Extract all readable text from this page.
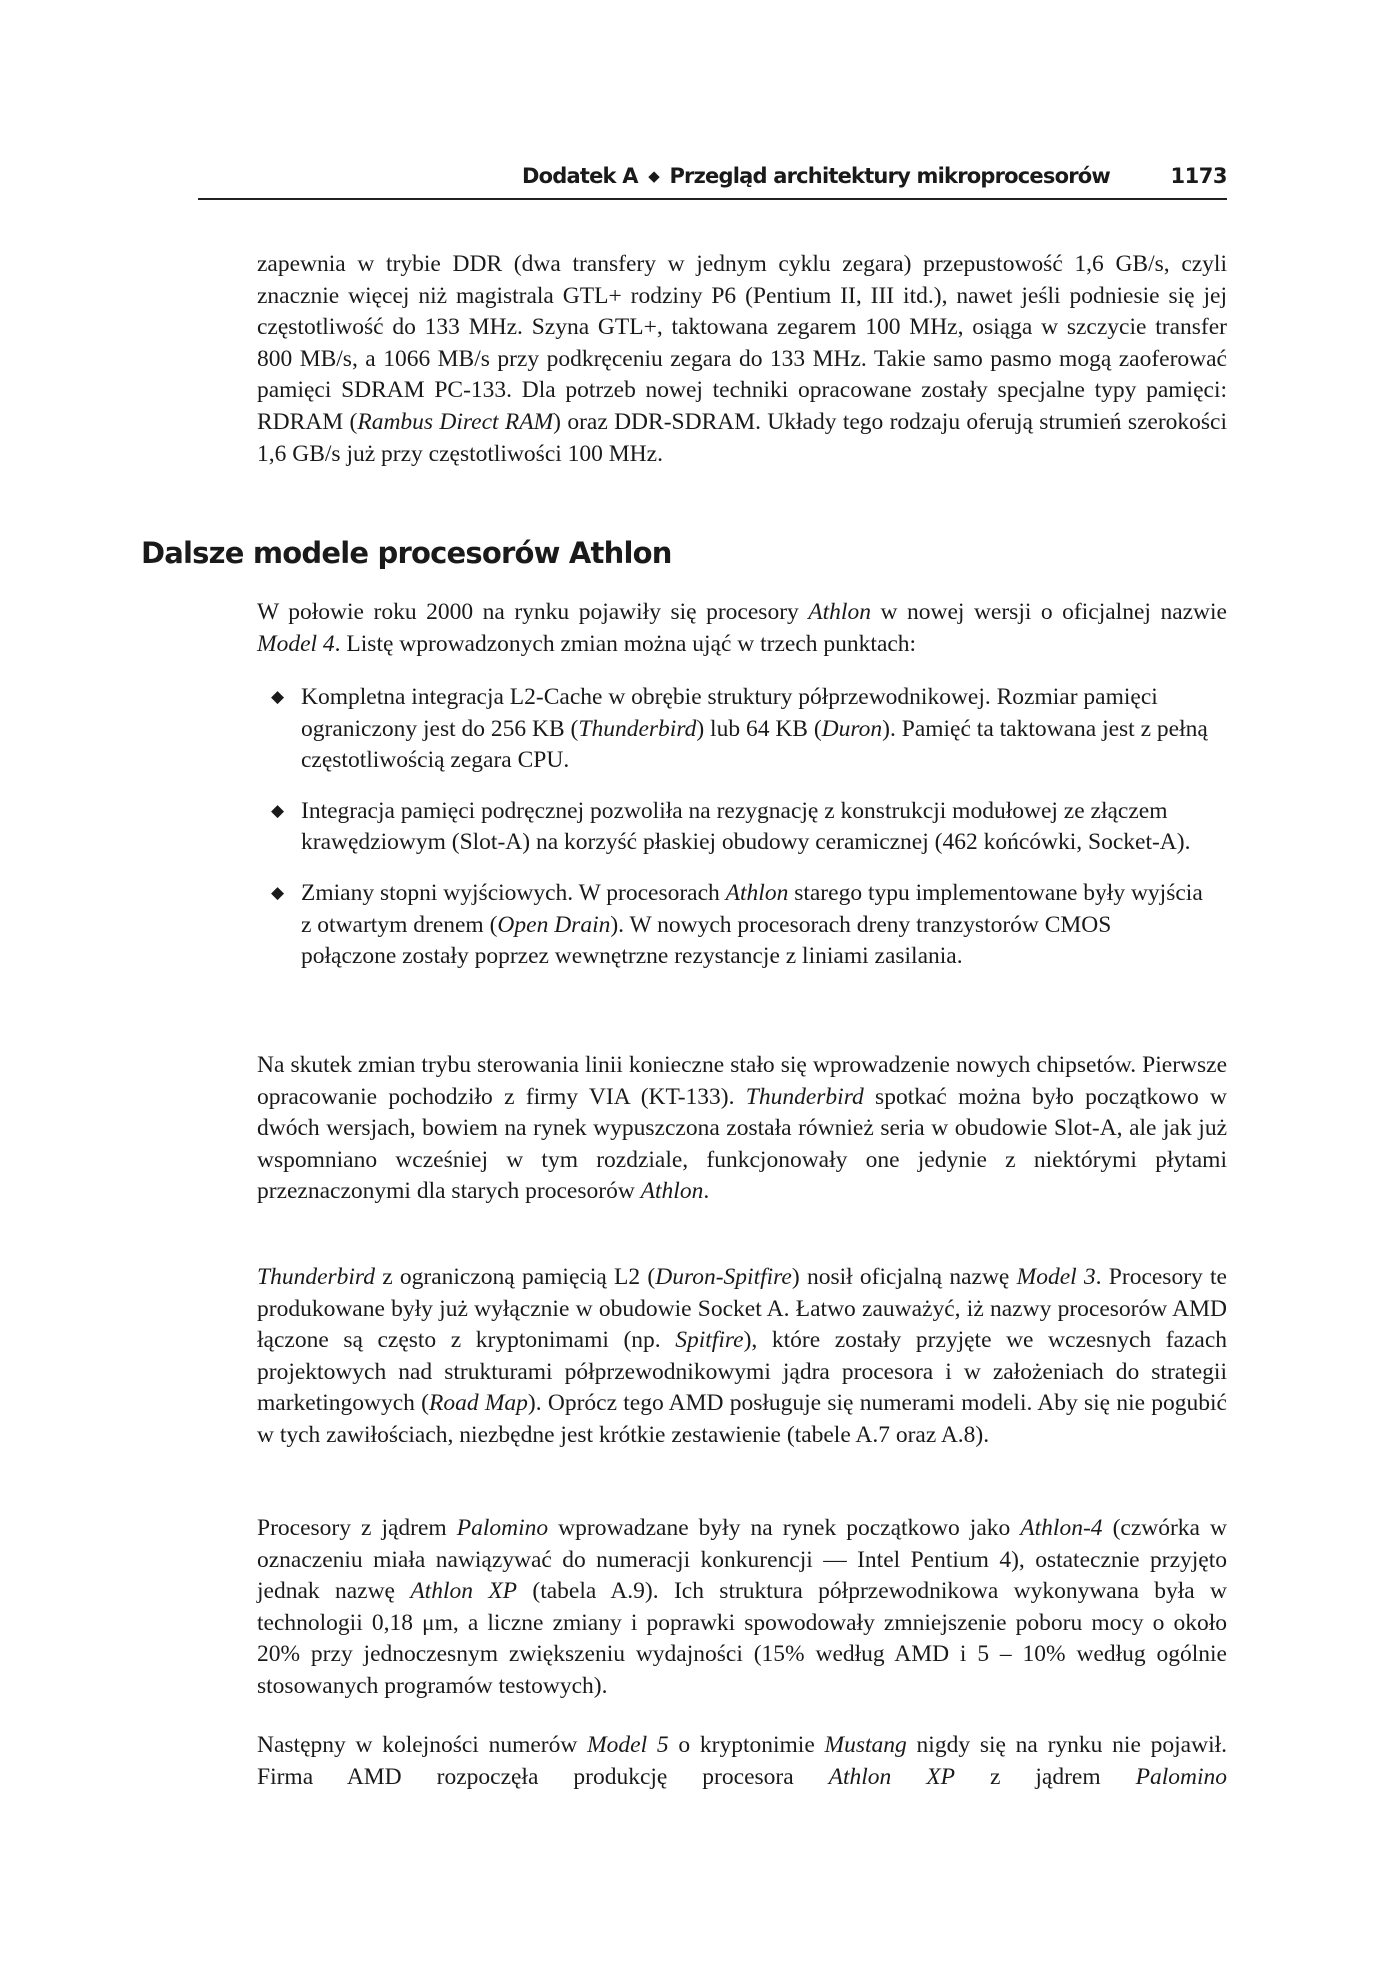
Dodatek A ◆ Przegląd architektury mikroprocesorów	1173

zapewnia w trybie DDR (dwa transfery w jednym cyklu zegara) przepustowość 1,6 GB/s, czyli znacznie więcej niż magistrala GTL+ rodziny P6 (Pentium II, III itd.), nawet jeśli podniesie się jej częstotliwość do 133 MHz. Szyna GTL+, taktowana zegarem 100 MHz, osiąga w szczycie transfer 800 MB/s, a 1066 MB/s przy podkręceniu zegara do 133 MHz. Takie samo pasmo mogą zaoferować pamięci SDRAM PC-133. Dla potrzeb nowej techniki opracowane zostały specjalne typy pamięci: RDRAM (Rambus Direct RAM) oraz DDR-SDRAM. Układy tego rodzaju oferują strumień szerokości 1,6 GB/s już przy częstotliwości 100 MHz.

Dalsze modele procesorów Athlon

W połowie roku 2000 na rynku pojawiły się procesory Athlon w nowej wersji o oficjalnej nazwie Model 4. Listę wprowadzonych zmian można ująć w trzech punktach:

◆ Kompletna integracja L2-Cache w obrębie struktury półprzewodnikowej. Rozmiar pamięci ograniczony jest do 256 KB (Thunderbird) lub 64 KB (Duron). Pamięć ta taktowana jest z pełną częstotliwością zegara CPU.

◆ Integracja pamięci podręcznej pozwoliła na rezygnację z konstrukcji modułowej ze złączem krawędziowym (Slot-A) na korzyść płaskiej obudowy ceramicznej (462 końcówki, Socket-A).

◆ Zmiany stopni wyjściowych. W procesorach Athlon starego typu implementowane były wyjścia z otwartym drenem (Open Drain). W nowych procesorach dreny tranzystorów CMOS połączone zostały poprzez wewnętrzne rezystancje z liniami zasilania.

Na skutek zmian trybu sterowania linii konieczne stało się wprowadzenie nowych chipsetów. Pierwsze opracowanie pochodziło z firmy VIA (KT-133). Thunderbird spotkać można było początkowo w dwóch wersjach, bowiem na rynek wypuszczona została również seria w obudowie Slot-A, ale jak już wspomniano wcześniej w tym rozdziale, funkcjonowały one jedynie z niektórymi płytami przeznaczonymi dla starych procesorów Athlon.

Thunderbird z ograniczoną pamięcią L2 (Duron-Spitfire) nosił oficjalną nazwę Model 3. Procesory te produkowane były już wyłącznie w obudowie Socket A. Łatwo zauważyć, iż nazwy procesorów AMD łączone są często z kryptonimami (np. Spitfire), które zostały przyjęte we wczesnych fazach projektowych nad strukturami półprzewodnikowymi jądra procesora i w założeniach do strategii marketingowych (Road Map). Oprócz tego AMD posługuje się numerami modeli. Aby się nie pogubić w tych zawiłościach, niezbędne jest krótkie zestawienie (tabele A.7 oraz A.8).

Procesory z jądrem Palomino wprowadzane były na rynek początkowo jako Athlon-4 (czwórka w oznaczeniu miała nawiązywać do numeracji konkurencji — Intel Pentium 4), ostatecznie przyjęto jednak nazwę Athlon XP (tabela A.9). Ich struktura półprzewodnikowa wykonywana była w technologii 0,18 μm, a liczne zmiany i poprawki spowodowały zmniejszenie poboru mocy o około 20% przy jednoczesnym zwiększeniu wydajności (15% według AMD i 5 – 10% według ogólnie stosowanych programów testowych).

Następny w kolejności numerów Model 5 o kryptonimie Mustang nigdy się na rynku nie pojawił. Firma AMD rozpoczęła produkcję procesora Athlon XP z jądrem Palomino
